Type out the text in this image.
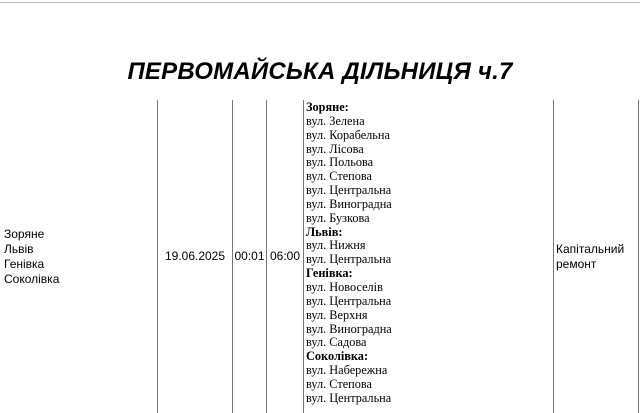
ПЕРВОМАЙСЬКА ДІЛЬНИЦЯ ч.7
Зоряне
Львів
Генівка
Соколівка
19.06.2025 00:01 06:00
Зоряне:
вул. Зелена
вул. Корабельна
вул. Лісова
вул. Польова
вул. Степова
вул. Центральна
вул. Виноградна
вул. Бузкова
Львів:
вул. Нижня
вул. Центральна
Генівка:
вул. Новоселів
вул. Центральна
вул. Верхня
вул. Виноградна
вул. Садова
Соколівка:
вул. Набережна
вул. Степова
вул. Центральна
Капітальний ремонт
